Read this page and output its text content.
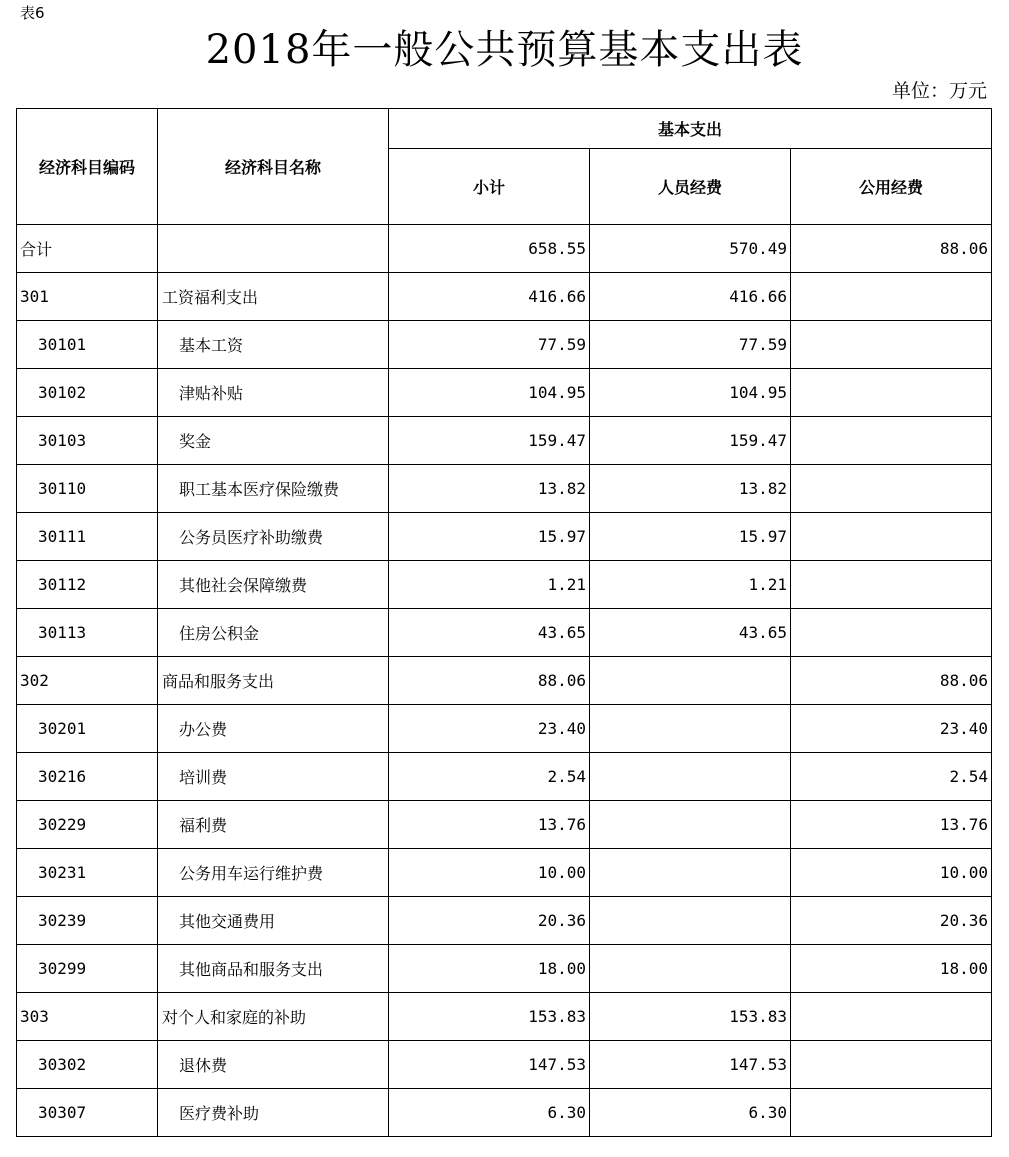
表6
2018年一般公共预算基本支出表
单位：万元
经济科目编码	经济科目名称	基本支出		
		小计	人员经费	公用经费
合计		658.55	570.49	88.06
301	工资福利支出	416.66	416.66	
30101	基本工资	77.59	77.59	
30102	津贴补贴	104.95	104.95	
30103	奖金	159.47	159.47	
30110	职工基本医疗保险缴费	13.82	13.82	
30111	公务员医疗补助缴费	15.97	15.97	
30112	其他社会保障缴费	1.21	1.21	
30113	住房公积金	43.65	43.65	
302	商品和服务支出	88.06		88.06
30201	办公费	23.40		23.40
30216	培训费	2.54		2.54
30229	福利费	13.76		13.76
30231	公务用车运行维护费	10.00		10.00
30239	其他交通费用	20.36		20.36
30299	其他商品和服务支出	18.00		18.00
303	对个人和家庭的补助	153.83	153.83	
30302	退休费	147.53	147.53	
30307	医疗费补助	6.30	6.30	
